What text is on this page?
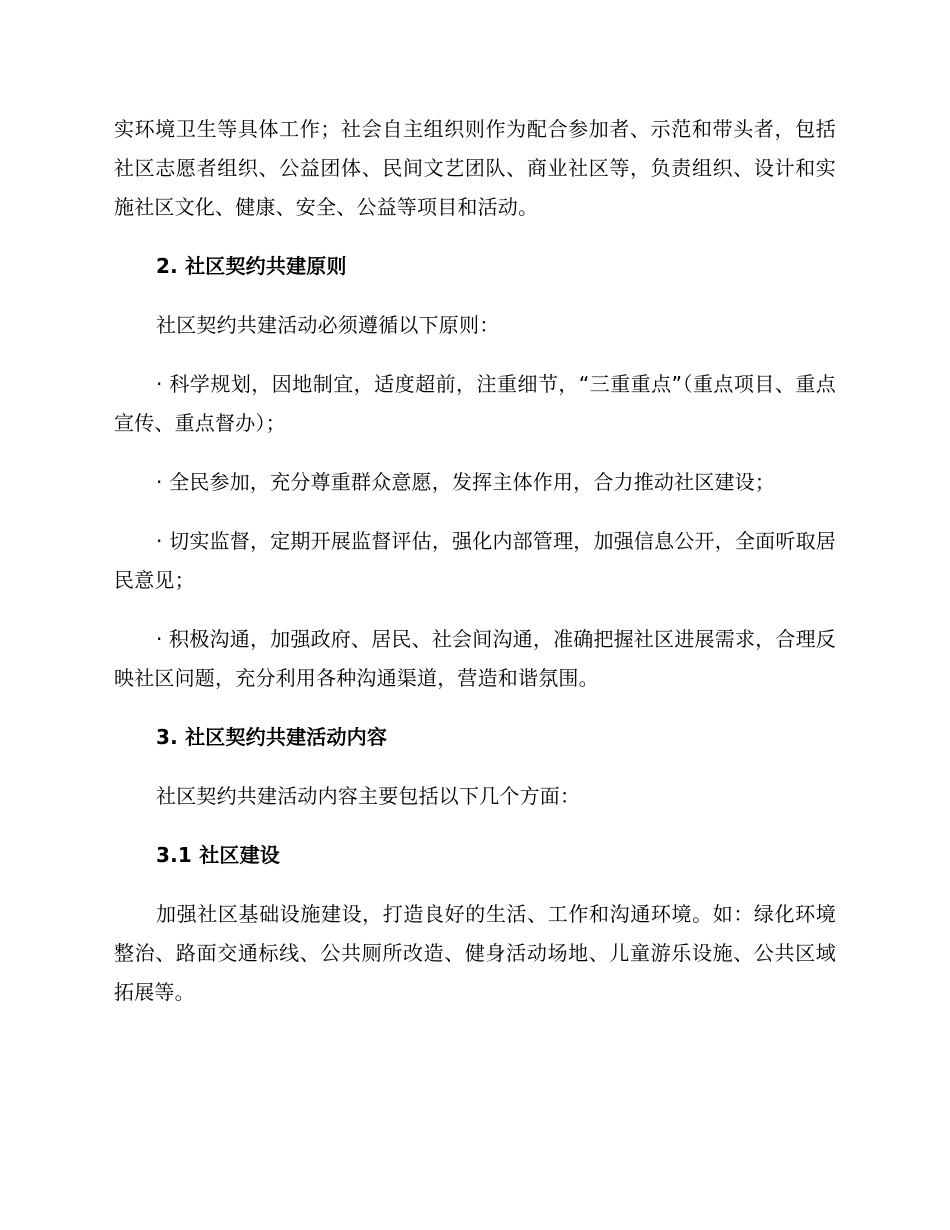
实环境卫生等具体工作；社会自主组织则作为配合参加者、示范和带头者，包括社区志愿者组织、公益团体、民间文艺团队、商业社区等，负责组织、设计和实施社区文化、健康、安全、公益等项目和活动。

2. 社区契约共建原则

社区契约共建活动必须遵循以下原则：

· 科学规划，因地制宜，适度超前，注重细节，“三重重点”（重点项目、重点宣传、重点督办）；

· 全民参加，充分尊重群众意愿，发挥主体作用，合力推动社区建设；

· 切实监督，定期开展监督评估，强化内部管理，加强信息公开，全面听取居民意见；

· 积极沟通，加强政府、居民、社会间沟通，准确把握社区进展需求，合理反映社区问题，充分利用各种沟通渠道，营造和谐氛围。

3. 社区契约共建活动内容

社区契约共建活动内容主要包括以下几个方面：

3.1 社区建设

加强社区基础设施建设，打造良好的生活、工作和沟通环境。如：绿化环境整治、路面交通标线、公共厕所改造、健身活动场地、儿童游乐设施、公共区域拓展等。
